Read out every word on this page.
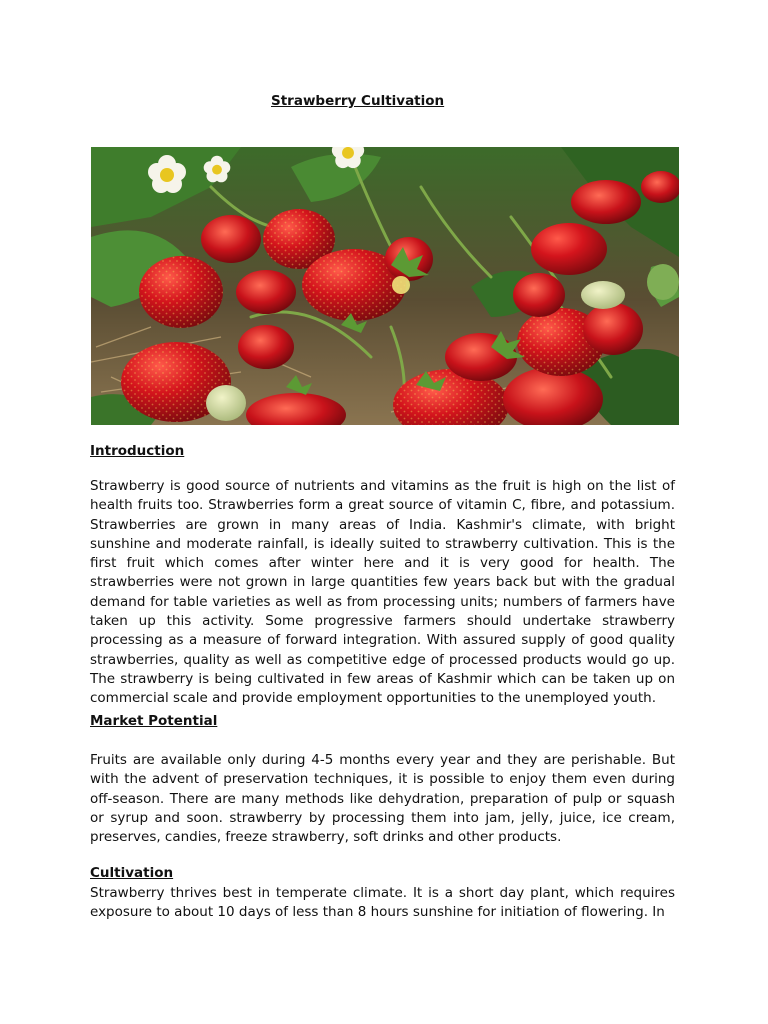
Strawberry Cultivation
Introduction

Strawberry is good source of nutrients and vitamins as the fruit is high on the list of health fruits too. Strawberries form a great source of vitamin C, fibre, and potassium. Strawberries are grown in many areas of India. Kashmir's climate, with bright sunshine and moderate rainfall, is ideally suited to strawberry cultivation. This is the first fruit which comes after winter here and it is very good for health. The strawberries were not grown in large quantities few years back but with the gradual demand for table varieties as well as from processing units; numbers of farmers have taken up this activity. Some progressive farmers should undertake strawberry processing as a measure of forward integration. With assured supply of good quality strawberries, quality as well as competitive edge of processed products would go up. The strawberry is being cultivated in few areas of Kashmir which can be taken up on commercial scale and provide employment opportunities to the unemployed youth.

Market Potential

Fruits are available only during 4-5 months every year and they are perishable. But with the advent of preservation techniques, it is possible to enjoy them even during off-season. There are many methods like dehydration, preparation of pulp or squash or syrup and soon. strawberry by processing them into jam, jelly, juice, ice cream, preserves, candies, freeze strawberry, soft drinks and other products.

Cultivation

Strawberry thrives best in temperate climate. It is a short day plant, which requires exposure to about 10 days of less than 8 hours sunshine for initiation of flowering. In
